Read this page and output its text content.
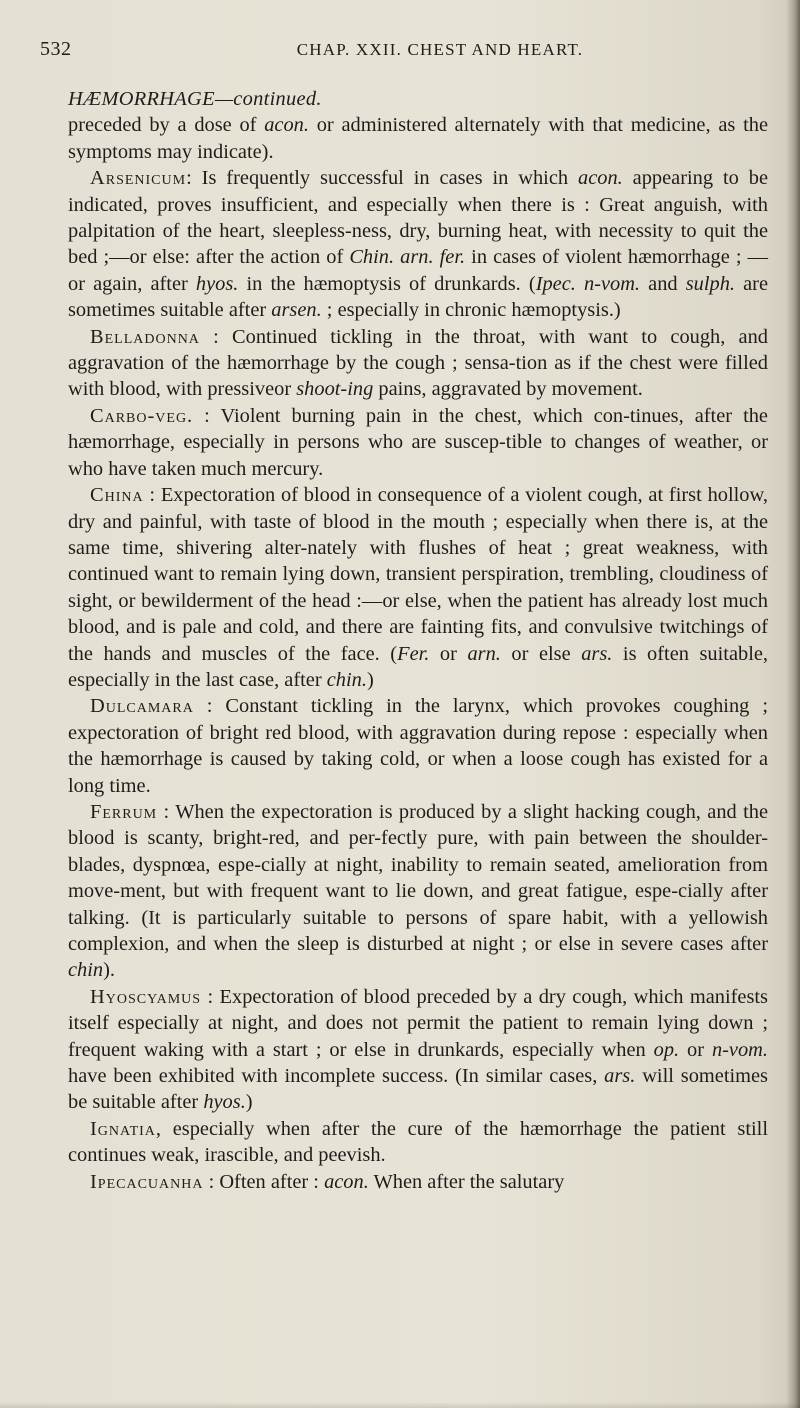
532	CHAP. XXII. CHEST AND HEART.

HÆMORRHAGE—continued.

preceded by a dose of acon. or administered alternately with that medicine, as the symptoms may indicate).

Arsenicum: Is frequently successful in cases in which acon. appearing to be indicated, proves insufficient, and especially when there is : Great anguish, with palpitation of the heart, sleepless-ness, dry, burning heat, with necessity to quit the bed ;—or else: after the action of Chin. arn. fer. in cases of violent hæmorrhage ; —or again, after hyos. in the hæmoptysis of drunkards. (Ipec. n-vom. and sulph. are sometimes suitable after arsen. ; especially in chronic hæmoptysis.)

Belladonna : Continued tickling in the throat, with want to cough, and aggravation of the hæmorrhage by the cough ; sensa-tion as if the chest were filled with blood, with pressiveor shoot-ing pains, aggravated by movement.

Carbo-veg. : Violent burning pain in the chest, which con-tinues, after the hæmorrhage, especially in persons who are suscep-tible to changes of weather, or who have taken much mercury.

China : Expectoration of blood in consequence of a violent cough, at first hollow, dry and painful, with taste of blood in the mouth ; especially when there is, at the same time, shivering alter-nately with flushes of heat ; great weakness, with continued want to remain lying down, transient perspiration, trembling, cloudiness of sight, or bewilderment of the head :—or else, when the patient has already lost much blood, and is pale and cold, and there are fainting fits, and convulsive twitchings of the hands and muscles of the face. (Fer. or arn. or else ars. is often suitable, especially in the last case, after chin.)

Dulcamara : Constant tickling in the larynx, which provokes coughing ; expectoration of bright red blood, with aggravation during repose : especially when the hæmorrhage is caused by taking cold, or when a loose cough has existed for a long time.

Ferrum : When the expectoration is produced by a slight hacking cough, and the blood is scanty, bright-red, and per-fectly pure, with pain between the shoulder-blades, dyspnœa, espe-cially at night, inability to remain seated, amelioration from move-ment, but with frequent want to lie down, and great fatigue, espe-cially after talking. (It is particularly suitable to persons of spare habit, with a yellowish complexion, and when the sleep is disturbed at night ; or else in severe cases after chin).

Hyoscyamus : Expectoration of blood preceded by a dry cough, which manifests itself especially at night, and does not permit the patient to remain lying down ; frequent waking with a start ; or else in drunkards, especially when op. or n-vom. have been exhibited with incomplete success. (In similar cases, ars. will sometimes be suitable after hyos.)

Ignatia, especially when after the cure of the hæmorrhage the patient still continues weak, irascible, and peevish.

Ipecacuanha : Often after : acon. When after the salutary
